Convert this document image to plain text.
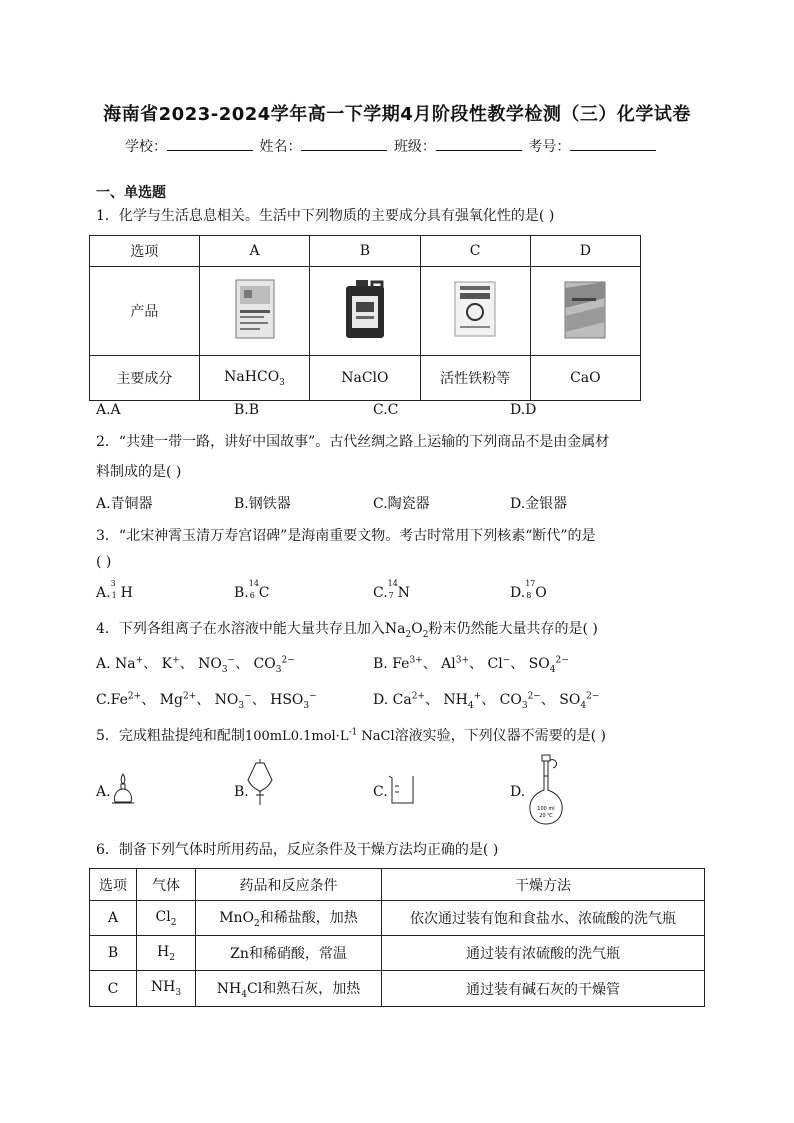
海南省2023-2024学年高一下学期4月阶段性教学检测（三）化学试卷
学校：	姓名：	班级：	考号：
一、单选题
1．化学与生活息息相关。生活中下列物质的主要成分具有强氧化性的是( )
选项	A	B	C	D
产品				
主要成分	NaHCO$_3$	NaClO	活性铁粉等	CaO
A.A	B.B	C.C	D.D
2．“共建一带一路，讲好中国故事”。古代丝绸之路上运输的下列商品不是由金属材
料制成的是( )
A.青铜器	B.钢铁器	C.陶瓷器	D.金银器
3．“北宋神霄玉清万寿宫诏碑”是海南重要文物。考古时常用下列核素“断代”的是
( )
A.
3
1 H	B.
14
6 C	C.
14
7 N	D.
17
8 O
4．下列各组离子在水溶液中能大量共存且加入$Na_2O_2$粉末仍然能大量共存的是( )
A. Na+、 K+、 $NO_3^-$、 $CO_3^{2-}$	B. $Fe^{3+}$、 $Al^{3+}$、 Cl−、 $SO_4^{2-}$
$C.Fe^{2+}$、 $Mg^{2+}$、 $NO_3^-$、 $HSO_3^-$	D. $Ca^{2+}$、 $NH_4^+$、 $CO_3^{2-}$、 $SO_4^{2-}$
5．完成粗盐提纯和配制$100mL0.1mol\cdot L^{-1}$ NaCl溶液实验，下列仪器不需要的是( )
A.	B.	C.	D.
100 ml
20 ℃
6．制备下列气体时所用药品，反应条件及干燥方法均正确的是( )
选项	气体	药品和反应条件	干燥方法
A	$Cl_2$	MnO$_2$和稀盐酸，加热	依次通过装有饱和食盐水、浓硫酸的洗气瓶
B	$H_2$	Zn和稀硝酸，常温	通过装有浓硫酸的洗气瓶
C	$NH_3$	$NH_4Cl$和熟石灰，加热	通过装有碱石灰的干燥管
